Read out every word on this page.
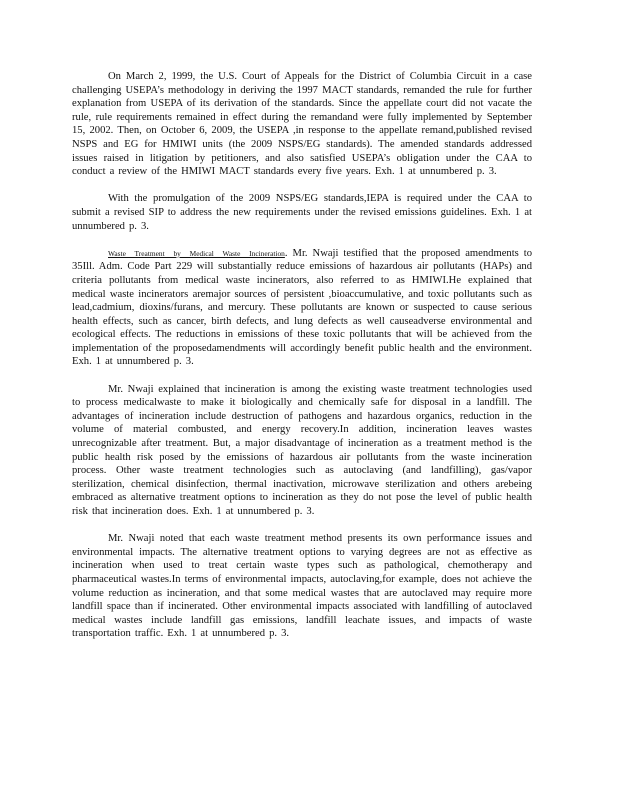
On March 2, 1999, the U.S. Court of Appeals for the District of Columbia Circuit in a case challenging USEPA’s methodology in deriving the 1997 MACT standards, remanded the rule for further explanation from USEPA of its derivation of the standards. Since the appellate court did not vacate the rule, rule requirements remained in effect during the remandand were fully implemented by September 15, 2002. Then, on October 6, 2009, the USEPA ,in response to the appellate remand,published revised NSPS and EG for HMIWI units (the 2009 NSPS/EG standards). The amended standards addressed issues raised in litigation by petitioners, and also satisfied USEPA’s obligation under the CAA to conduct a review of the HMIWI MACT standards every five years. Exh. 1 at unnumbered p. 3.

With the promulgation of the 2009 NSPS/EG standards,IEPA is required under the CAA to submit a revised SIP to address the new requirements under the revised emissions guidelines. Exh. 1 at unnumbered p. 3.

Waste Treatment by Medical Waste Incineration. Mr. Nwaji testified that the proposed amendments to 35Ill. Adm. Code Part 229 will substantially reduce emissions of hazardous air pollutants (HAPs) and criteria pollutants from medical waste incinerators, also referred to as HMIWI.He explained that medical waste incinerators aremajor sources of persistent ,bioaccumulative, and toxic pollutants such as lead,cadmium, dioxins/furans, and mercury. These pollutants are known or suspected to cause serious health effects, such as cancer, birth defects, and lung defects as well causeadverse environmental and ecological effects. The reductions in emissions of these toxic pollutants that will be achieved from the implementation of the proposedamendments will accordingly benefit public health and the environment. Exh. 1 at unnumbered p. 3.

Mr. Nwaji explained that incineration is among the existing waste treatment technologies used to process medicalwaste to make it biologically and chemically safe for disposal in a landfill. The advantages of incineration include destruction of pathogens and hazardous organics, reduction in the volume of material combusted, and energy recovery.In addition, incineration leaves wastes unrecognizable after treatment. But, a major disadvantage of incineration as a treatment method is the public health risk posed by the emissions of hazardous air pollutants from the waste incineration process. Other waste treatment technologies such as autoclaving (and landfilling), gas/vapor sterilization, chemical disinfection, thermal inactivation, microwave sterilization and others arebeing embraced as alternative treatment options to incineration as they do not pose the level of public health risk that incineration does. Exh. 1 at unnumbered p. 3.

Mr. Nwaji noted that each waste treatment method presents its own performance issues and environmental impacts. The alternative treatment options to varying degrees are not as effective as incineration when used to treat certain waste types such as pathological, chemotherapy and pharmaceutical wastes.In terms of environmental impacts, autoclaving,for example, does not achieve the volume reduction as incineration, and that some medical wastes that are autoclaved may require more landfill space than if incinerated. Other environmental impacts associated with landfilling of autoclaved medical wastes include landfill gas emissions, landfill leachate issues, and impacts of waste transportation traffic. Exh. 1 at unnumbered p. 3.
